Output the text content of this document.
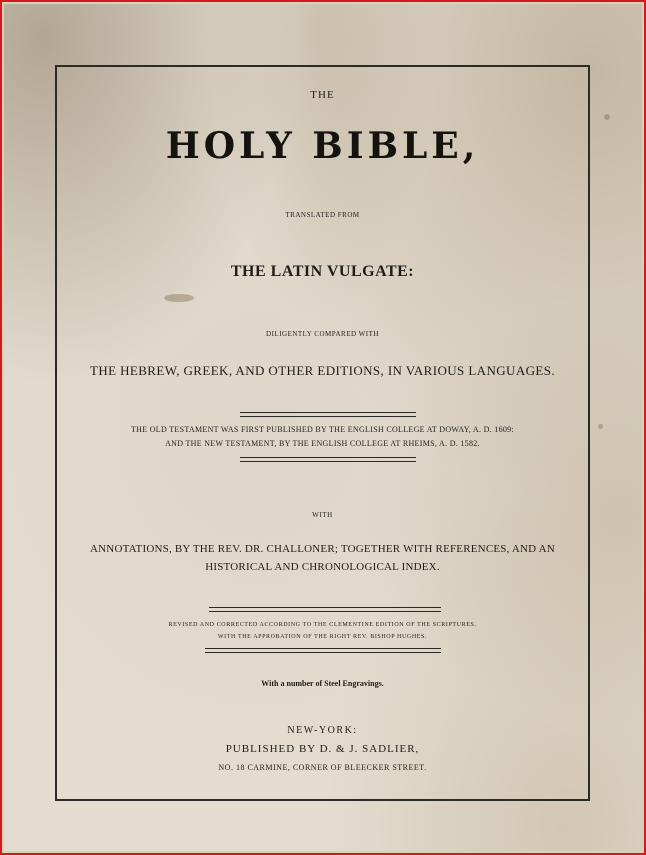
THE
HOLY BIBLE,
TRANSLATED FROM
THE LATIN VULGATE:
DILIGENTLY COMPARED WITH
THE HEBREW, GREEK, AND OTHER EDITIONS, IN VARIOUS LANGUAGES.
THE OLD TESTAMENT WAS FIRST PUBLISHED BY THE ENGLISH COLLEGE AT DOWAY, A. D. 1609:
AND THE NEW TESTAMENT, BY THE ENGLISH COLLEGE AT RHEIMS, A. D. 1582.
WITH
ANNOTATIONS, BY THE REV. DR. CHALLONER; TOGETHER WITH REFERENCES, AND AN
HISTORICAL AND CHRONOLOGICAL INDEX.
REVISED AND CORRECTED ACCORDING TO THE CLEMENTINE EDITION OF THE SCRIPTURES.
WITH THE APPROBATION OF THE RIGHT REV. BISHOP HUGHES.
With a number of Steel Engravings.
NEW-YORK:
PUBLISHED BY D. & J. SADLIER,
NO. 18 CARMINE, CORNER OF BLEECKER STREET.
